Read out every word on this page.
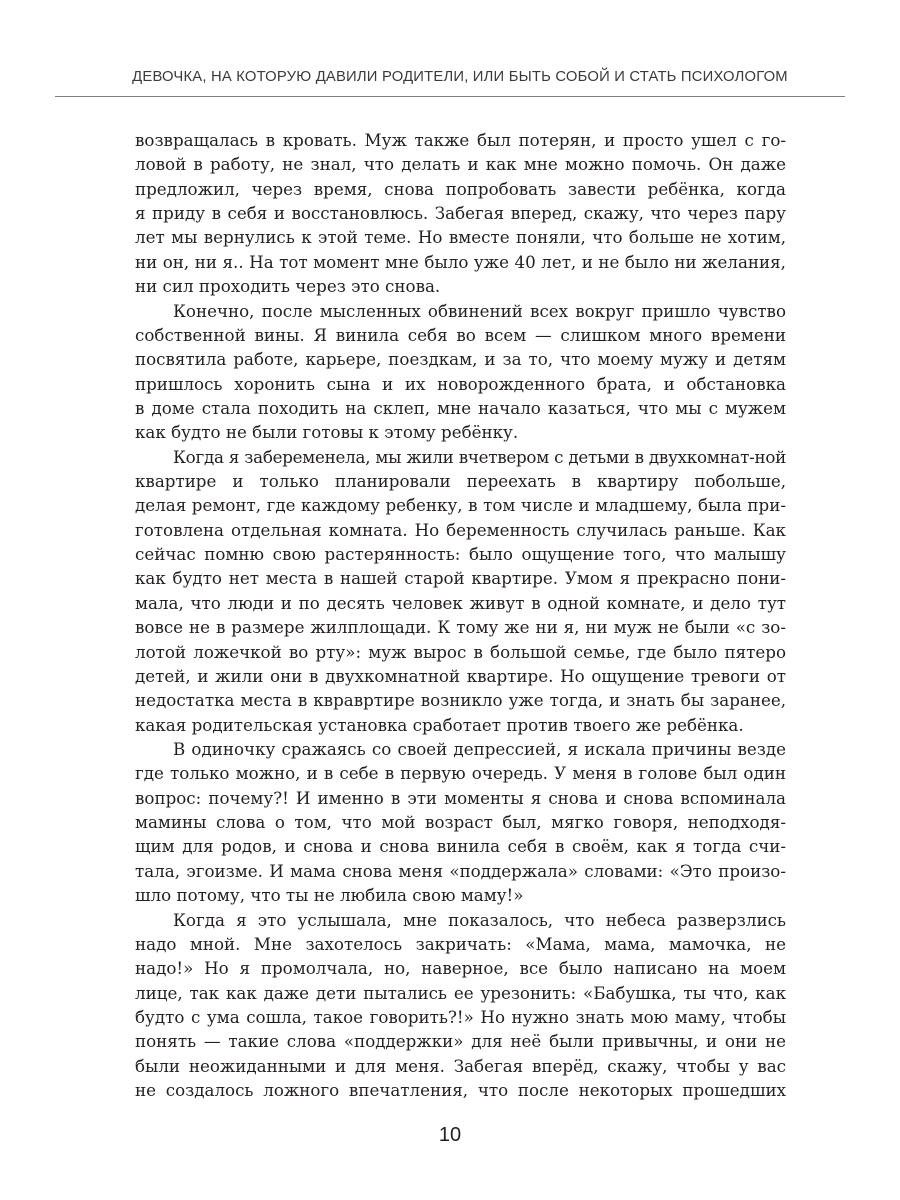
ДЕВОЧКА, НА КОТОРУЮ ДАВИЛИ РОДИТЕЛИ, ИЛИ БЫТЬ СОБОЙ И СТАТЬ ПСИХОЛОГОМ
возвращалась в кровать. Муж также был потерян, и просто ушел с го-
ловой в работу, не знал, что делать и как мне можно помочь. Он даже
предложил, через время, снова попробовать завести ребёнка, когда
я приду в себя и восстановлюсь. Забегая вперед, скажу, что через пару
лет мы вернулись к этой теме. Но вместе поняли, что больше не хотим,
ни он, ни я.. На тот момент мне было уже 40 лет, и не было ни желания,
ни сил проходить через это снова.
Конечно, после мысленных обвинений всех вокруг пришло чувство
собственной вины. Я винила себя во всем — слишком много времени
посвятила работе, карьере, поездкам, и за то, что моему мужу и детям
пришлось хоронить сына и их новорожденного брата, и обстановка
в доме стала походить на склеп, мне начало казаться, что мы с мужем
как будто не были готовы к этому ребёнку.
Когда я забеременела, мы жили вчетвером с детьми в двухкомнат-ной
квартире и только планировали переехать в квартиру побольше,
делая ремонт, где каждому ребенку, в том числе и младшему, была при-
готовлена отдельная комната. Но беременность случилась раньше. Как
сейчас помню свою растерянность: было ощущение того, что малышу
как будто нет места в нашей старой квартире. Умом я прекрасно пони-
мала, что люди и по десять человек живут в одной комнате, и дело тут
вовсе не в размере жилплощади. К тому же ни я, ни муж не были «с зо-
лотой ложечкой во рту»: муж вырос в большой семье, где было пятеро
детей, и жили они в двухкомнатной квартире. Но ощущение тревоги от
недостатка места в квравртире возникло уже тогда, и знать бы заранее,
какая родительская установка сработает против твоего же ребёнка.
В одиночку сражаясь со своей депрессией, я искала причины везде
где только можно, и в себе в первую очередь. У меня в голове был один
вопрос: почему?! И именно в эти моменты я снова и снова вспоминала
мамины слова о том, что мой возраст был, мягко говоря, неподходя-
щим для родов, и снова и снова винила себя в своём, как я тогда счи-
тала, эгоизме. И мама снова меня «поддержала» словами: «Это произо-
шло потому, что ты не любила свою маму!»
Когда я это услышала, мне показалось, что небеса разверзлись
надо мной. Мне захотелось закричать: «Мама, мама, мамочка, не
надо!» Но я промолчала, но, наверное, все было написано на моем
лице, так как даже дети пытались ее урезонить: «Бабушка, ты что, как
будто с ума сошла, такое говорить?!» Но нужно знать мою маму, чтобы
понять — такие слова «поддержки» для неё были привычны, и они не
были неожиданными и для меня. Забегая вперёд, скажу, чтобы у вас
не создалось ложного впечатления, что после некоторых прошедших
10
